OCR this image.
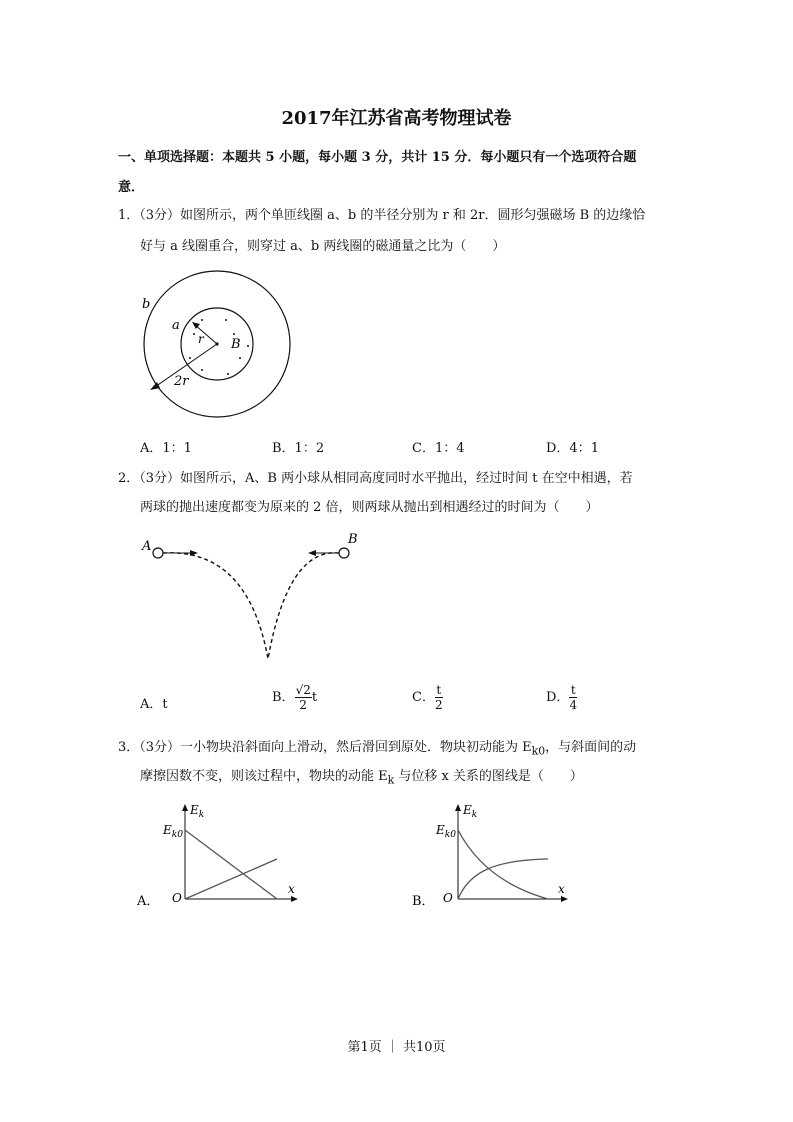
2017年江苏省高考物理试卷
一、单项选择题：本题共 5 小题，每小题 3 分，共计 15 分．每小题只有一个选项符合题
意．
1．（3分）如图所示，两个单匝线圈 a、b 的半径分别为 r 和 2r．圆形匀强磁场 B 的边缘恰
好与 a 线圈重合，则穿过 a、b 两线圈的磁通量之比为（　　）
b
a
r B
2r
A．1：1	B．1：2	C．1：4	D．4：1
2．（3分）如图所示，A、B 两小球从相同高度同时水平抛出，经过时间 t 在空中相遇，若
两球的抛出速度都变为原来的 2 倍，则两球从抛出到相遇经过的时间为（　　）
A	B
A．t	B． $\frac{√2}{2}$ t	C． $\frac{t}{2}$	D． $\frac{t}{4}$
3．（3分）一小物块沿斜面向上滑动，然后滑回到原处．物块初动能为 $E_{k0}$，与斜面间的动
摩擦因数不变，则该过程中，物块的动能 $E_k$ 与位移 x 关系的图线是（　　）
A．
$E_k$
$E_{k0}$
O
x
B．
$E_k$
$E_{k0}$
O
x
第1页 ｜ 共10页
